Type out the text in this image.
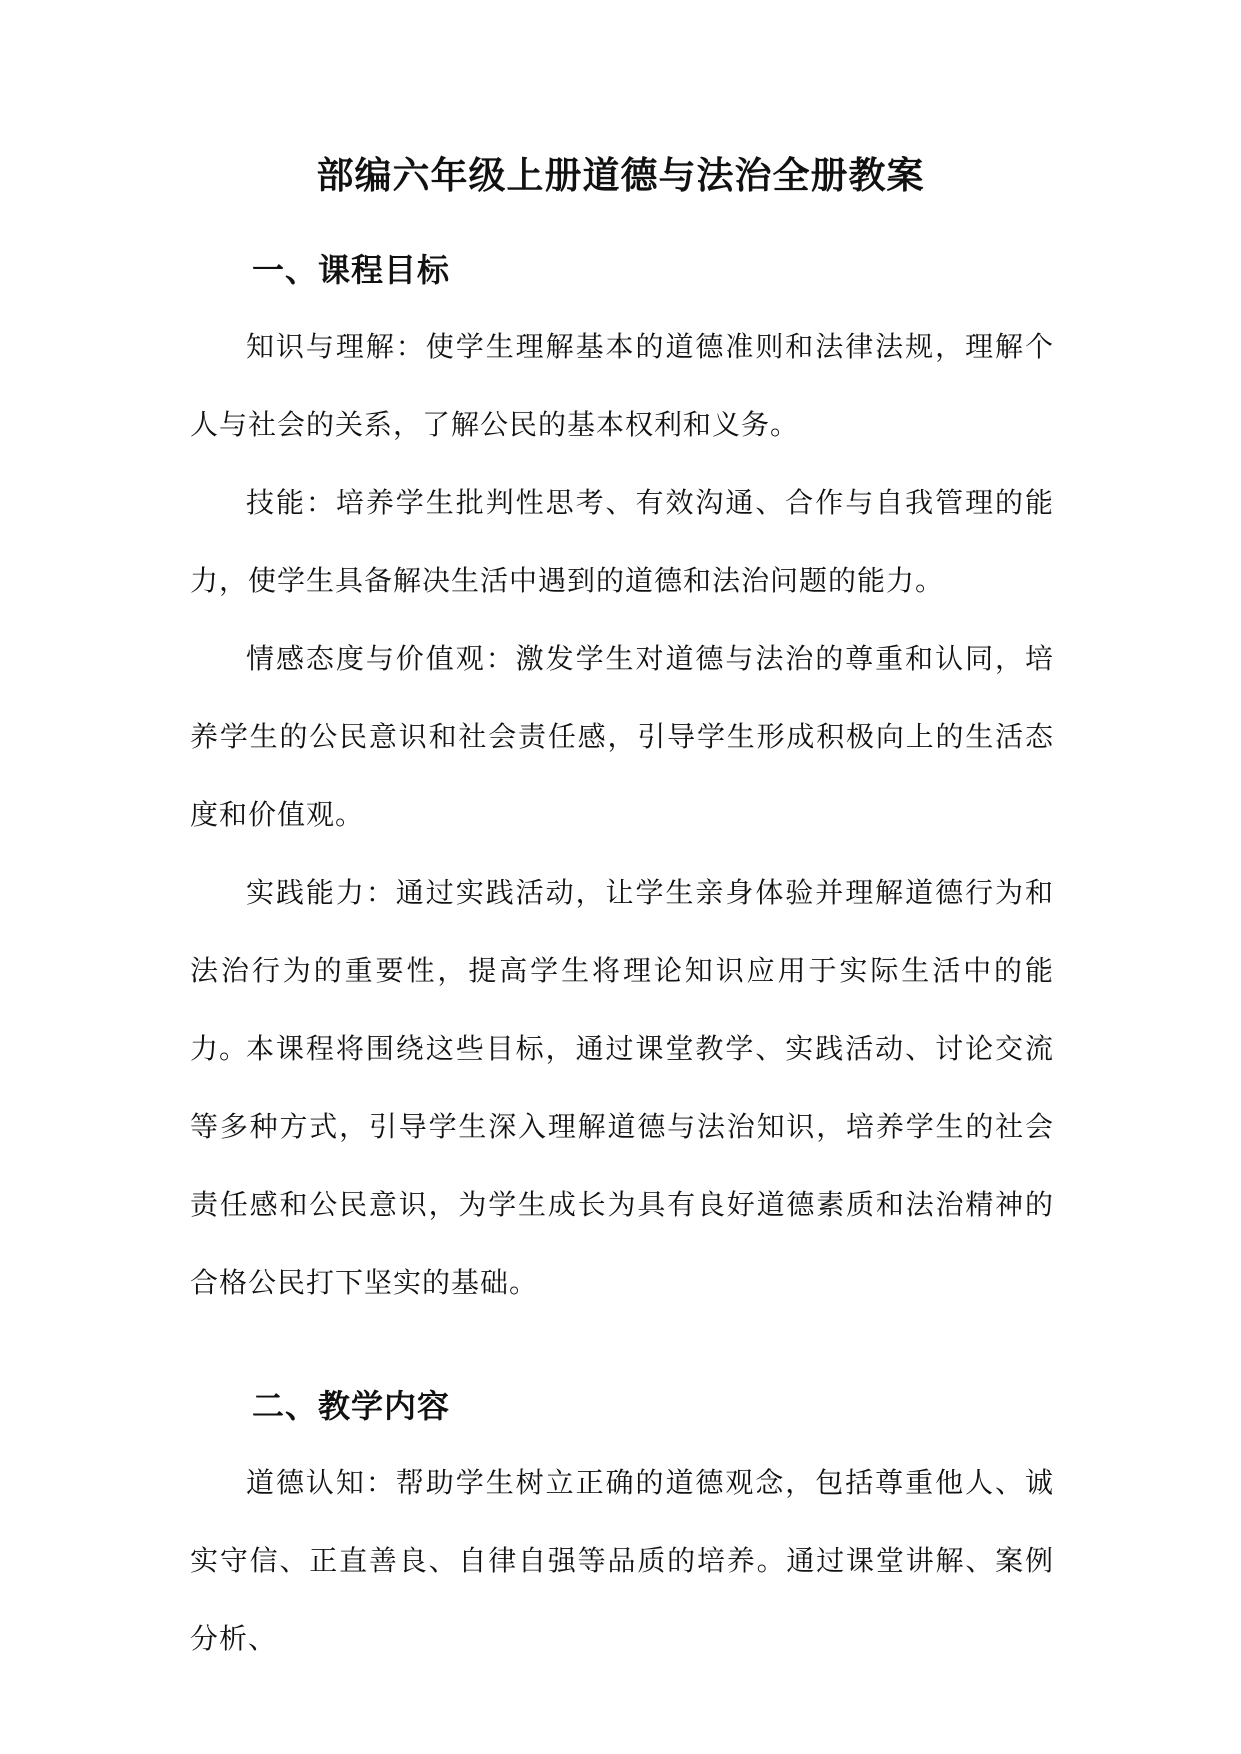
部编六年级上册道德与法治全册教案
一、课程目标

知识与理解：使学生理解基本的道德准则和法律法规，理解个人与社会的关系，了解公民的基本权利和义务。

技能：培养学生批判性思考、有效沟通、合作与自我管理的能力，使学生具备解决生活中遇到的道德和法治问题的能力。

情感态度与价值观：激发学生对道德与法治的尊重和认同，培养学生的公民意识和社会责任感，引导学生形成积极向上的生活态度和价值观。

实践能力：通过实践活动，让学生亲身体验并理解道德行为和法治行为的重要性，提高学生将理论知识应用于实际生活中的能力。

本课程将围绕这些目标，通过课堂教学、实践活动、讨论交流等多种方式，引导学生深入理解道德与法治知识，培养学生的社会责任感和公民意识，为学生成长为具有良好道德素质和法治精神的合格公民打下坚实的基础。

二、教学内容

道德认知：帮助学生树立正确的道德观念，包括尊重他人、诚实守信、正直善良、自律自强等品质的培养。通过课堂讲解、案例分析、
